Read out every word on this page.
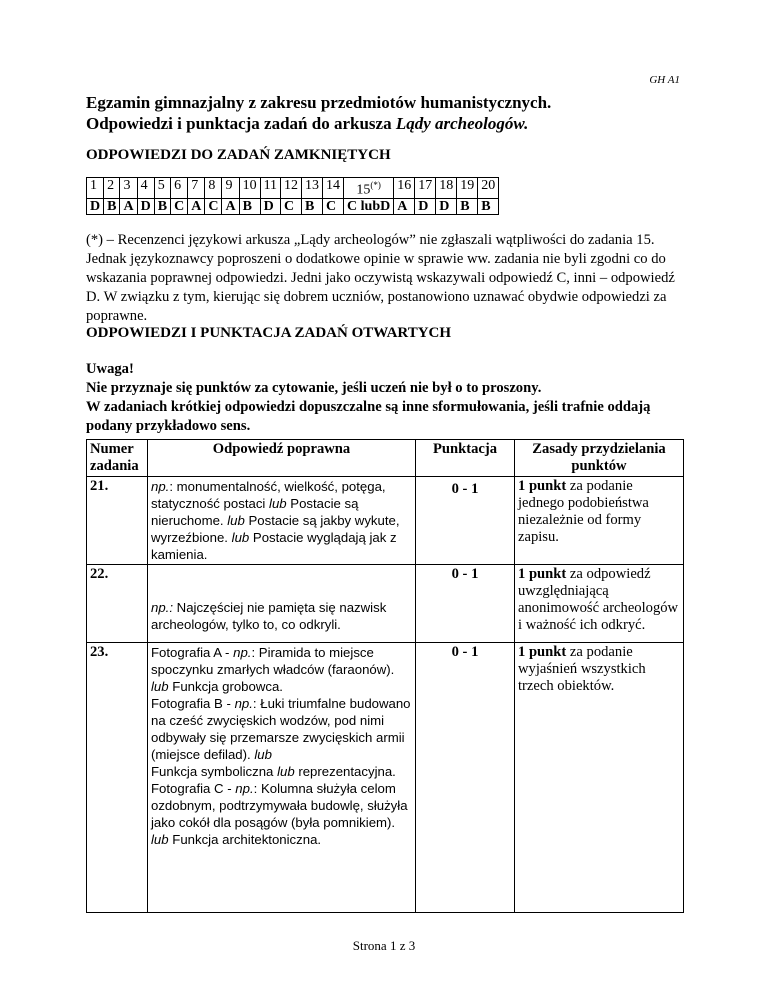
GH A1
Egzamin gimnazjalny z zakresu przedmiotów humanistycznych.
Odpowiedzi i punktacja zadań do arkusza Lądy archeologów.
ODPOWIEDZI DO ZADAŃ ZAMKNIĘTYCH
1	2	3	4	5	6	7	8	9	10	11	12	13	14	15(*)	16	17	18	19	20
D	B	A	D	B	C	A	C	A	B	D	C	B	C	C lubD	A	D	D	B	B
(*) – Recenzenci językowi arkusza „Lądy archeologów” nie zgłaszali wątpliwości do zadania 15. Jednak językoznawcy poproszeni o dodatkowe opinie w sprawie ww. zadania nie byli zgodni co do wskazania poprawnej odpowiedzi. Jedni jako oczywistą wskazywali odpowiedź C, inni – odpowiedź D. W związku z tym, kierując się dobrem uczniów, postanowiono uznawać obydwie odpowiedzi za poprawne.
ODPOWIEDZI I PUNKTACJA ZADAŃ OTWARTYCH
Uwaga!
Nie przyznaje się punktów za cytowanie, jeśli uczeń nie był o to proszony.
W zadaniach krótkiej odpowiedzi dopuszczalne są inne sformułowania, jeśli trafnie oddają podany przykładowo sens.
Numer zadania	Odpowiedź poprawna	Punktacja	Zasady przydzielania punktów
21.	np.: monumentalność, wielkość, potęga, statyczność postaci lub Postacie są nieruchome. lub Postacie są jakby wykute, wyrzeźbione. lub Postacie wyglądają jak z kamienia.	0 - 1	1 punkt za podanie jednego podobieństwa niezależnie od formy zapisu.
22.	np.: Najczęściej nie pamięta się nazwisk archeologów, tylko to, co odkryli.	0 - 1	1 punkt za odpowiedź uwzględniającą anonimowość archeologów i ważność ich odkryć.
23.	Fotografia A - np.: Piramida to miejsce spoczynku zmarłych władców (faraonów). lub Funkcja grobowca.
Fotografia B - np.: Łuki triumfalne budowano na cześć zwycięskich wodzów, pod nimi odbywały się przemarsze zwycięskich armii (miejsce defilad). lub
Funkcja symboliczna lub reprezentacyjna.
Fotografia C - np.: Kolumna służyła celom ozdobnym, podtrzymywała budowlę, służyła jako cokół dla posągów (była pomnikiem).
lub Funkcja architektoniczna.	0 - 1	1 punkt za podanie wyjaśnień wszystkich trzech obiektów.
Strona 1 z 3
